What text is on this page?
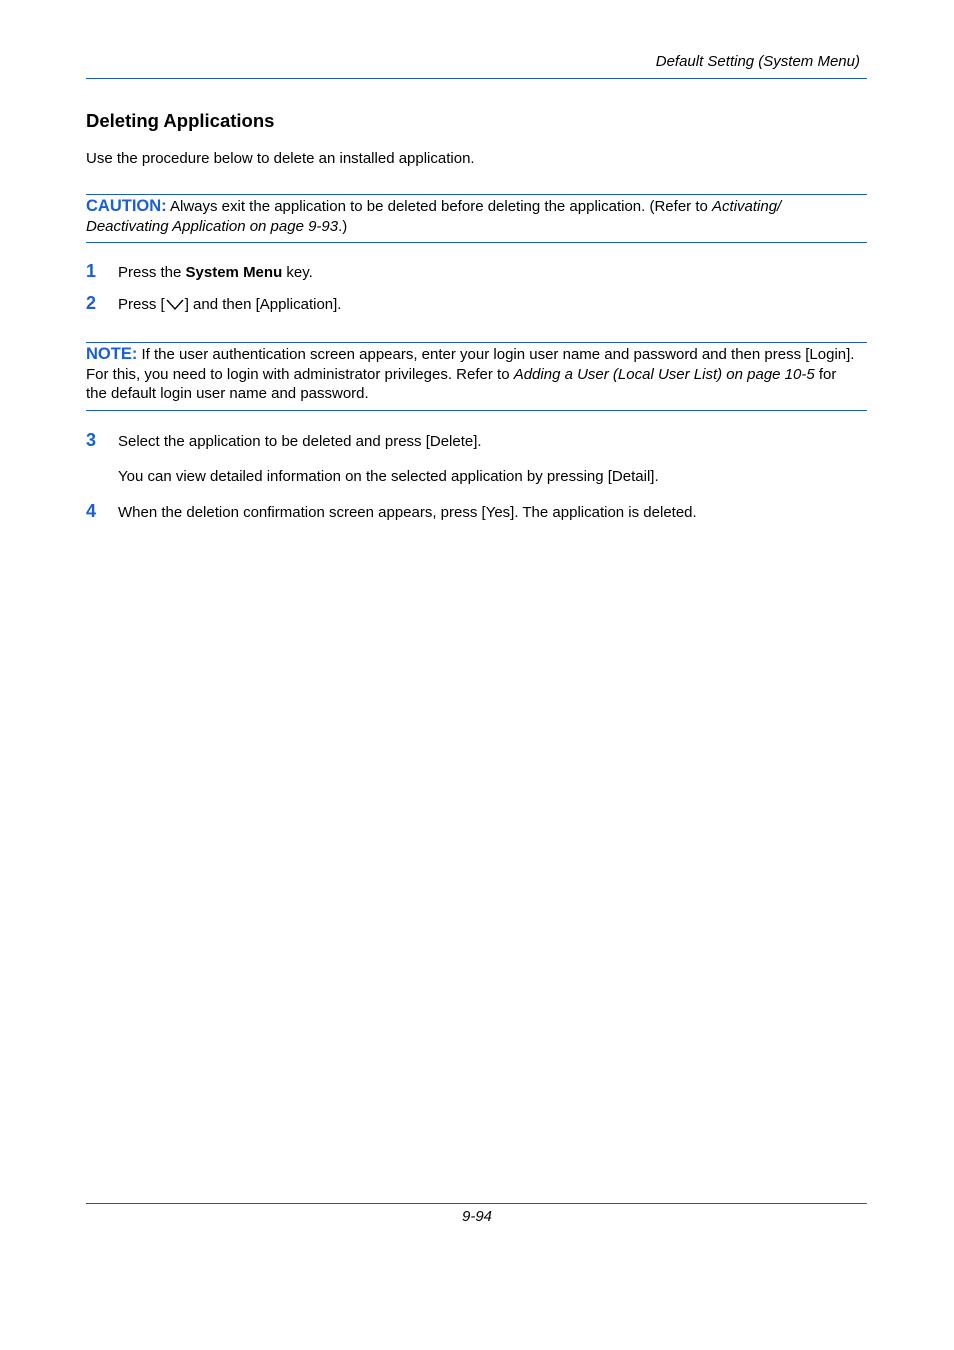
Default Setting (System Menu)
Deleting Applications
Use the procedure below to delete an installed application.
CAUTION: Always exit the application to be deleted before deleting the application. (Refer to Activating/ Deactivating Application on page 9-93.)
1 Press the System Menu key.
2 Press [ ] and then [Application].
NOTE: If the user authentication screen appears, enter your login user name and password and then press [Login]. For this, you need to login with administrator privileges. Refer to Adding a User (Local User List) on page 10-5 for the default login user name and password.
3 Select the application to be deleted and press [Delete].
You can view detailed information on the selected application by pressing [Detail].
4 When the deletion confirmation screen appears, press [Yes]. The application is deleted.
9-94
